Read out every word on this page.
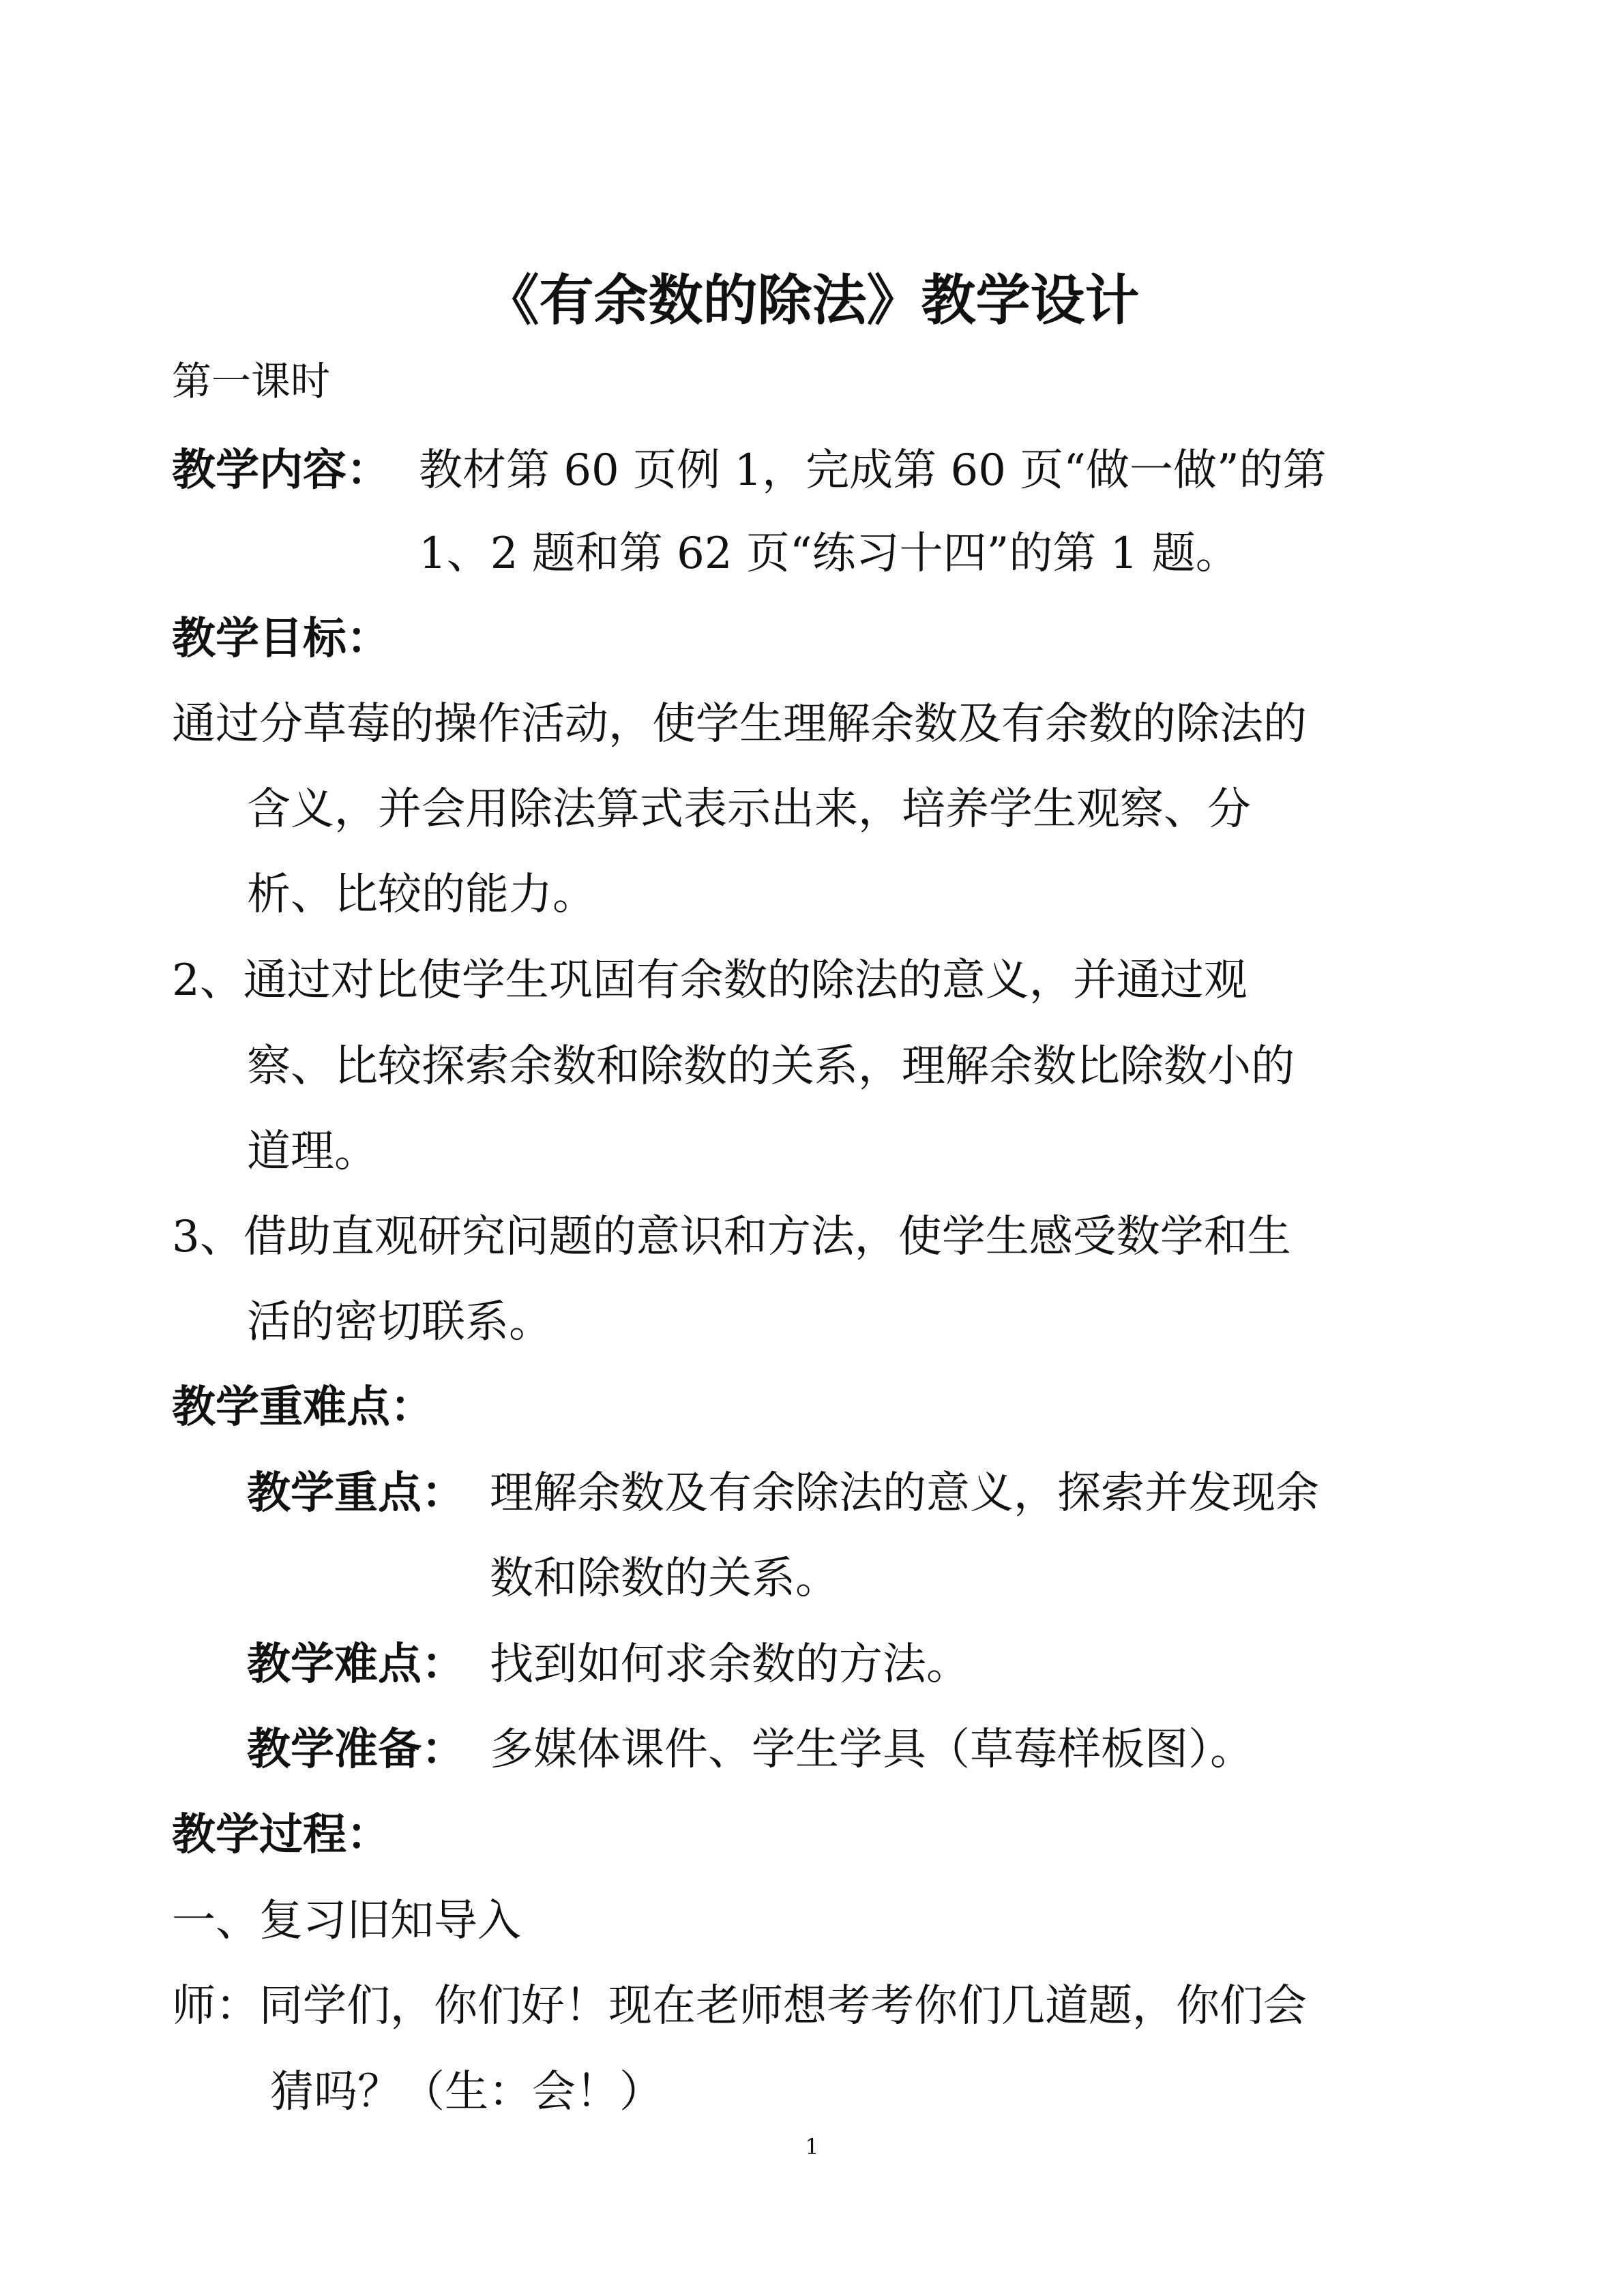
《有余数的除法》教学设计
第一课时
教学内容： 教材第 60 页例 1，完成第 60 页“做一做”的第
1、2 题和第 62 页“练习十四”的第 1 题。
教学目标：
通过分草莓的操作活动，使学生理解余数及有余数的除法的
含义，并会用除法算式表示出来，培养学生观察、分
析、比较的能力。
2、通过对比使学生巩固有余数的除法的意义，并通过观
察、比较探索余数和除数的关系，理解余数比除数小的
道理。
3、借助直观研究问题的意识和方法，使学生感受数学和生
活的密切联系。
教学重难点：
教学重点： 理解余数及有余除法的意义，探索并发现余
数和除数的关系。
教学难点： 找到如何求余数的方法。
教学准备： 多媒体课件、学生学具（草莓样板图）。
教学过程：
一、复习旧知导入
师：同学们，你们好！现在老师想考考你们几道题，你们会
猜吗？（生：会！）
1
